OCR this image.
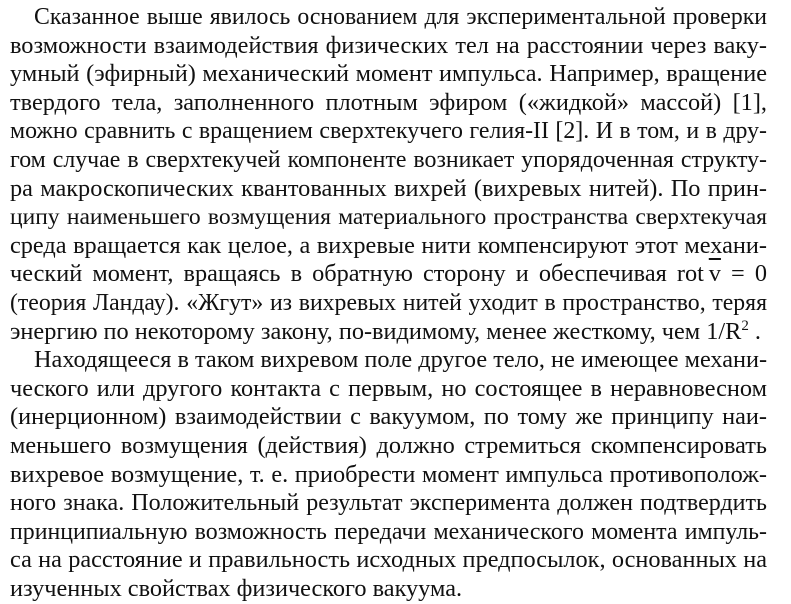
Сказанное выше явилось основанием для экспериментальной проверки
возможности взаимодействия физических тел на расстоянии через ваку-
умный (эфирный) механический момент импульса. Например, вращение
твердого тела, заполненного плотным эфиром («жидкой» массой) [1],
можно сравнить с вращением сверхтекучего гелия-II [2]. И в том, и в дру-
гом случае в сверхтекучей компоненте возникает упорядоченная структу-
ра макроскопических квантованных вихрей (вихревых нитей). По прин-
ципу наименьшего возмущения материального пространства сверхтекучая
среда вращается как целое, а вихревые нити компенсируют этот механи-
ческий момент, вращаясь в обратную сторону и обеспечивая rot  $\overline{v} = 0$
(теория Ландау). «Жгут» из вихревых нитей уходит в пространство, теряя
энергию по некоторому закону, по-видимому, менее жесткому, чем $1/R^2$ .
Находящееся в таком вихревом поле другое тело, не имеющее механи-
ческого или другого контакта с первым, но состоящее в неравновесном
(инерционном) взаимодействии с вакуумом, по тому же принципу наи-
меньшего возмущения (действия) должно стремиться скомпенсировать
вихревое возмущение, т. е. приобрести момент импульса противополож-
ного знака. Положительный результат эксперимента должен подтвердить
принципиальную возможность передачи механического момента импуль-
са на расстояние и правильность исходных предпосылок, основанных на
изученных свойствах физического вакуума.
